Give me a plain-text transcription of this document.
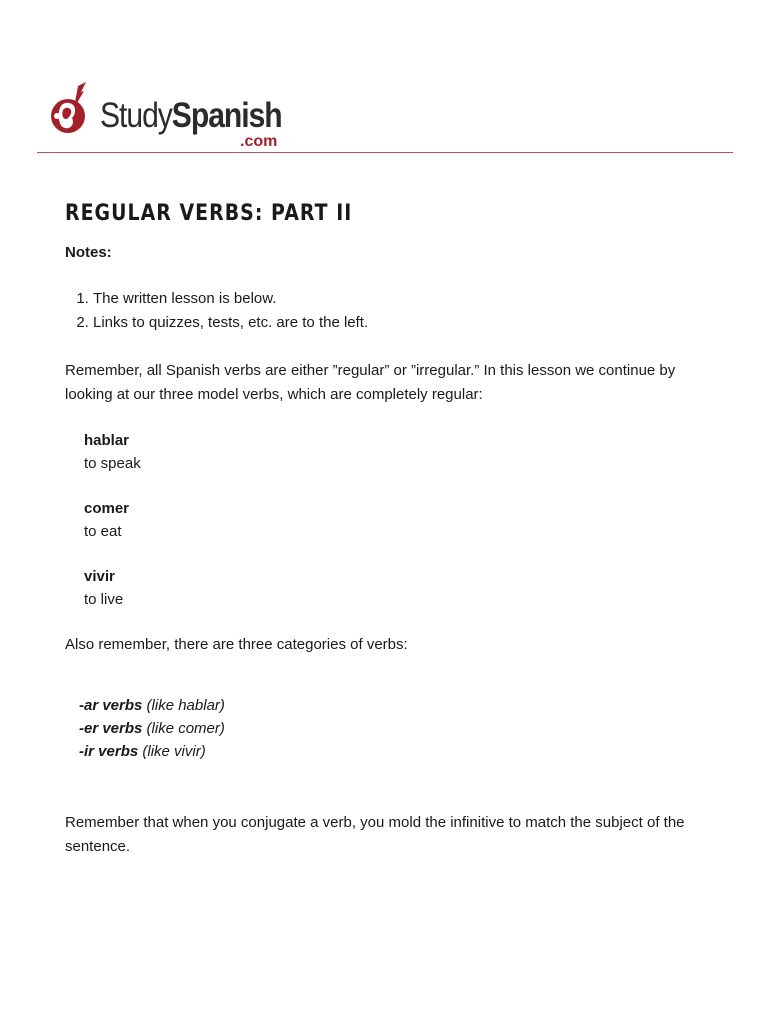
StudySpanish
.com
REGULAR VERBS: PART II

Notes:

1. The written lesson is below.
2. Links to quizzes, tests, etc. are to the left.

Remember, all Spanish verbs are either ”regular” or ”irregular.” In this lesson we continue by looking at our three model verbs, which are completely regular:

hablar
to speak
comer
to eat
vivir
to live

Also remember, there are three categories of verbs:

-ar verbs (like hablar)
-er verbs (like comer)
-ir verbs (like vivir)

Remember that when you conjugate a verb, you mold the infinitive to match the subject of the sentence.
